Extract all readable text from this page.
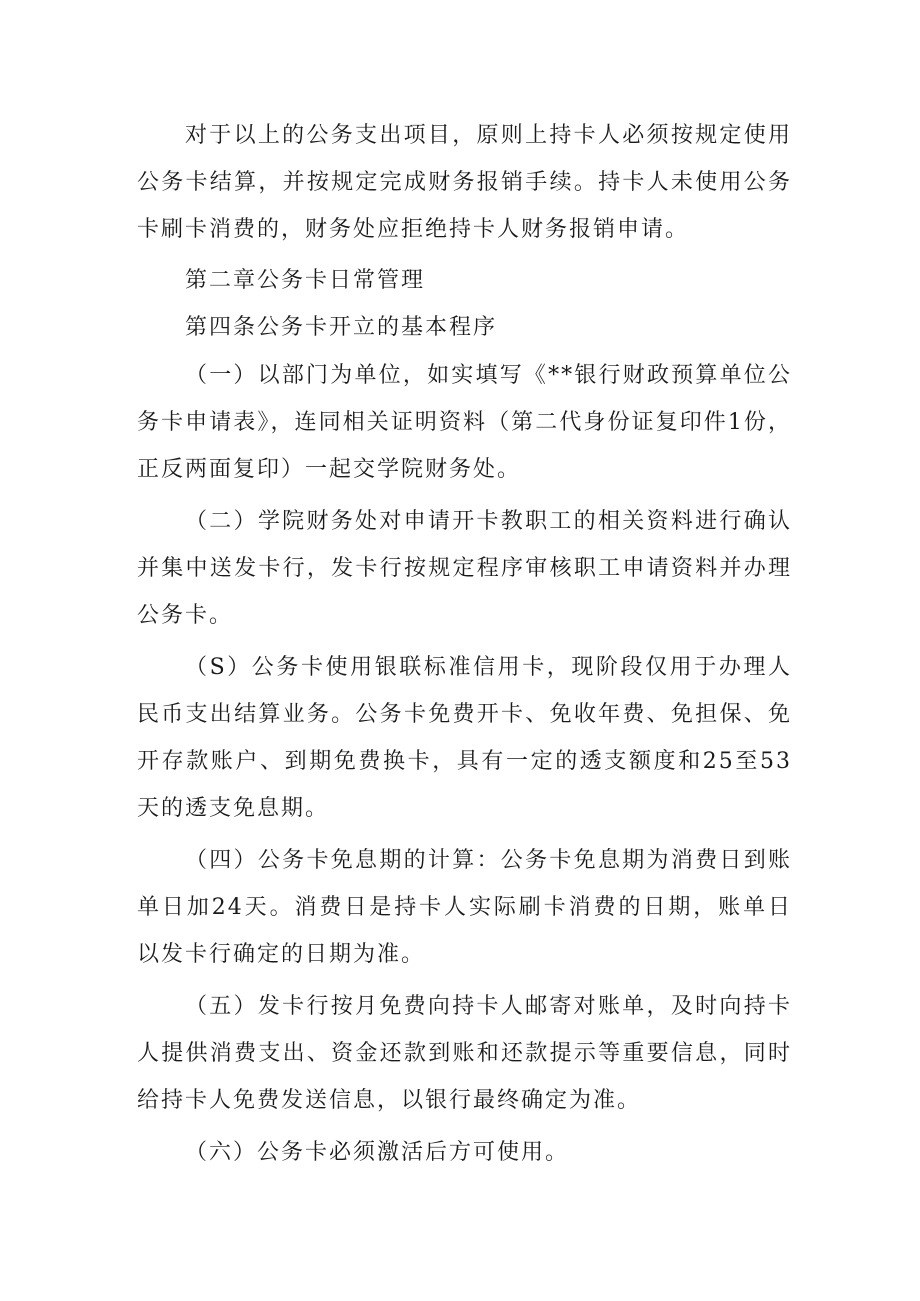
对于以上的公务支出项目，原则上持卡人必须按规定使用公务卡结算，并按规定完成财务报销手续。持卡人未使用公务卡刷卡消费的，财务处应拒绝持卡人财务报销申请。

第二章公务卡日常管理

第四条公务卡开立的基本程序

（一）以部门为单位，如实填写《**银行财政预算单位公务卡申请表》，连同相关证明资料（第二代身份证复印件1份，正反两面复印）一起交学院财务处。

（二）学院财务处对申请开卡教职工的相关资料进行确认并集中送发卡行，发卡行按规定程序审核职工申请资料并办理公务卡。

（S）公务卡使用银联标准信用卡，现阶段仅用于办理人民币支出结算业务。公务卡免费开卡、免收年费、免担保、免开存款账户、到期免费换卡，具有一定的透支额度和25至53天的透支免息期。

（四）公务卡免息期的计算：公务卡免息期为消费日到账单日加24天。消费日是持卡人实际刷卡消费的日期，账单日以发卡行确定的日期为准。

（五）发卡行按月免费向持卡人邮寄对账单，及时向持卡人提供消费支出、资金还款到账和还款提示等重要信息，同时给持卡人免费发送信息，以银行最终确定为准。

（六）公务卡必须激活后方可使用。
